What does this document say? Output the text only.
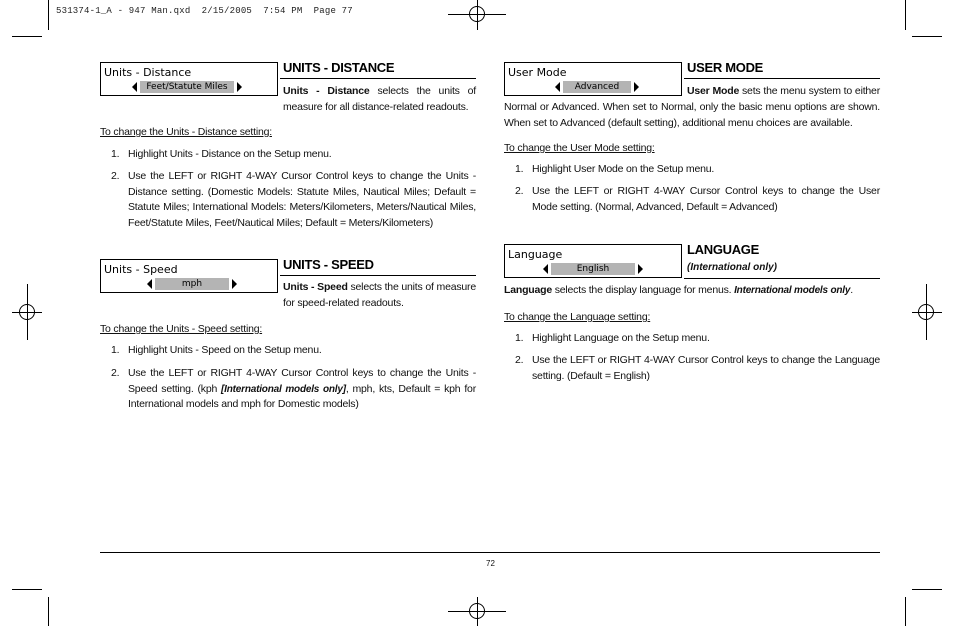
531374-1_A - 947 Man.qxd  2/15/2005  7:54 PM  Page 77
Units - Distance
Feet/Statute Miles
UNITS - DISTANCE
Units - Distance selects the units of measure for all distance-related readouts.
To change the Units - Distance setting:
1. Highlight Units - Distance on the Setup menu.
2. Use the LEFT or RIGHT 4-WAY Cursor Control keys to change the Units - Distance setting. (Domestic Models: Statute Miles, Nautical Miles; Default = Statute Miles; International Models: Meters/Kilometers, Meters/Nautical Miles, Feet/Statute Miles, Feet/Nautical Miles; Default = Meters/Kilometers)
Units - Speed
mph
UNITS - SPEED
Units - Speed selects the units of measure for speed-related readouts.
To change the Units - Speed setting:
1. Highlight Units - Speed on the Setup menu.
2. Use the LEFT or RIGHT 4-WAY Cursor Control keys to change the Units - Speed setting. (kph [International models only], mph, kts, Default = kph for International models and mph for Domestic models)
User Mode
Advanced
USER MODE
User Mode sets the menu system to either Normal or Advanced. When set to Normal, only the basic menu options are shown. When set to Advanced (default setting), additional menu choices are available.
To change the User Mode setting:
1. Highlight User Mode on the Setup menu.
2. Use the LEFT or RIGHT 4-WAY Cursor Control keys to change the User Mode setting. (Normal, Advanced, Default = Advanced)
Language
English
LANGUAGE
(International only)
Language selects the display language for menus. International models only.
To change the Language setting:
1. Highlight Language on the Setup menu.
2. Use the LEFT or RIGHT 4-WAY Cursor Control keys to change the Language setting. (Default = English)
72
